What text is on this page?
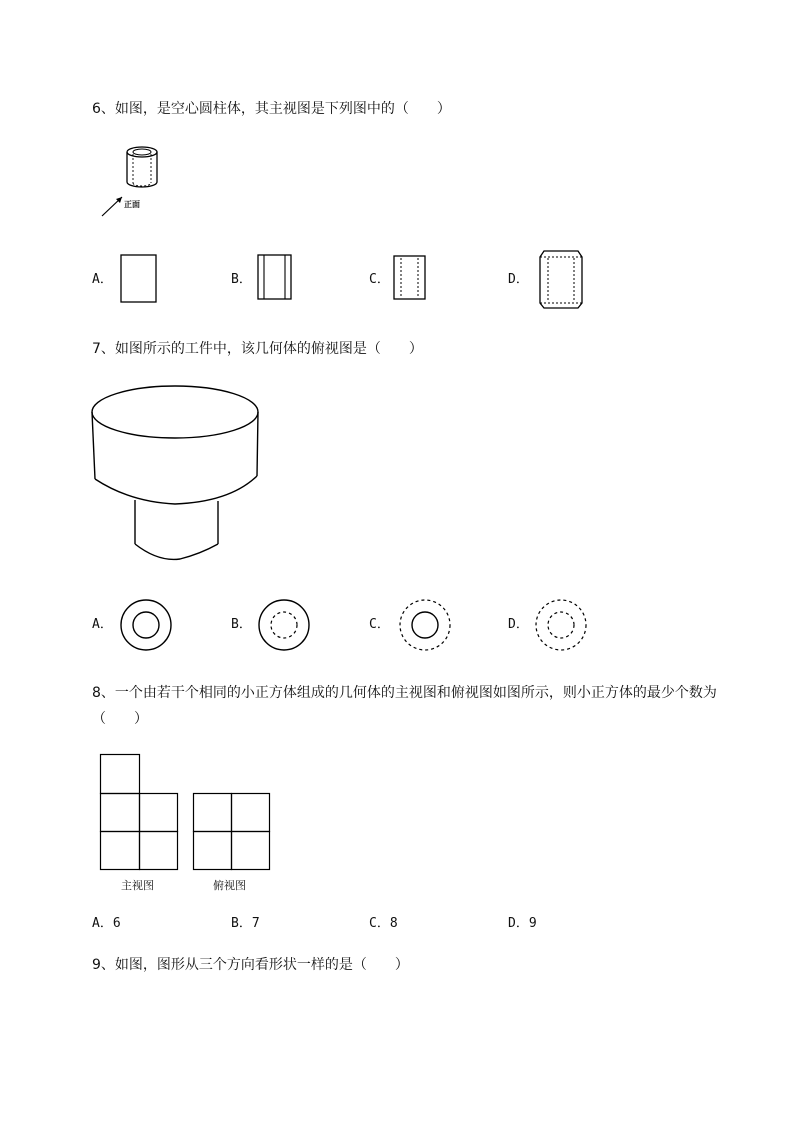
6、如图，是空心圆柱体，其主视图是下列图中的（　　）
正面
A．	B．	C．	D．
7、如图所示的工件中，该几何体的俯视图是（　　）
A．	B．	C．	D．
8、一个由若干个相同的小正方体组成的几何体的主视图和俯视图如图所示，则小正方体的最少个数为（　　）
主视图	俯视图
A．6	B．7	C．8	D．9
9、如图，图形从三个方向看形状一样的是（　　）
